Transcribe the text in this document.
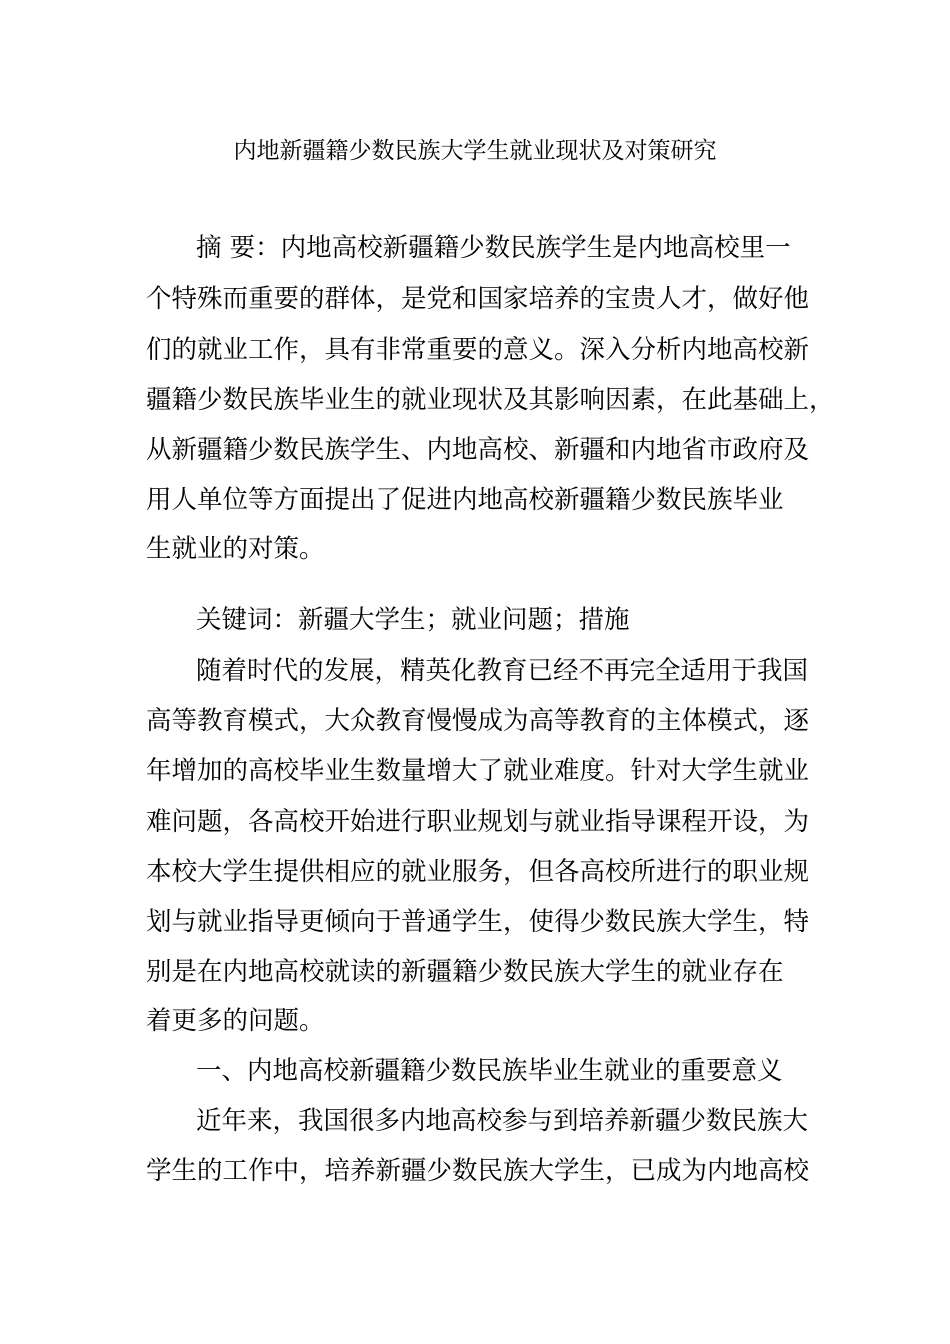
内地新疆籍少数民族大学生就业现状及对策研究
摘 要：内地高校新疆籍少数民族学生是内地高校里一
个特殊而重要的群体，是党和国家培养的宝贵人才，做好他
们的就业工作，具有非常重要的意义。深入分析内地高校新
疆籍少数民族毕业生的就业现状及其影响因素，在此基础上，
从新疆籍少数民族学生、内地高校、新疆和内地省市政府及
用人单位等方面提出了促进内地高校新疆籍少数民族毕业
生就业的对策。
关键词：新疆大学生；就业问题；措施
随着时代的发展，精英化教育已经不再完全适用于我国
高等教育模式，大众教育慢慢成为高等教育的主体模式，逐
年增加的高校毕业生数量增大了就业难度。针对大学生就业
难问题，各高校开始进行职业规划与就业指导课程开设，为
本校大学生提供相应的就业服务，但各高校所进行的职业规
划与就业指导更倾向于普通学生，使得少数民族大学生，特
别是在内地高校就读的新疆籍少数民族大学生的就业存在
着更多的问题。
一、内地高校新疆籍少数民族毕业生就业的重要意义
近年来，我国很多内地高校参与到培养新疆少数民族大
学生的工作中，培养新疆少数民族大学生，已成为内地高校
